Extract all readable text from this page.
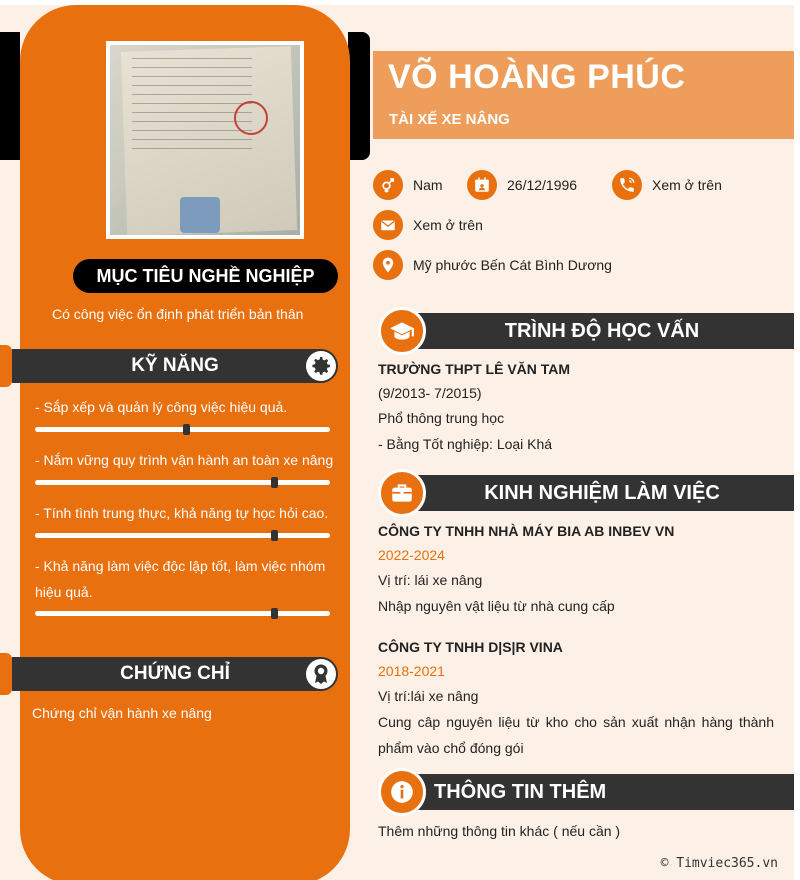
MỤC TIÊU NGHỀ NGHIỆP
Có công việc ổn định phát triển bản thân
KỸ NĂNG
- Sắp xếp và quản lý công việc hiệu quả.
- Nắm vững quy trình vận hành an toàn xe nâng
- Tính tình trung thực, khả năng tự học hỏi cao.
- Khả năng làm việc độc lập tốt, làm việc nhóm hiệu quả.
CHỨNG CHỈ
Chứng chỉ vận hành xe nâng
VÕ HOÀNG PHÚC
TÀI XẾ XE NÂNG
Nam	26/12/1996	Xem ở trên
Xem ở trên
Mỹ phước Bến Cát Bình Dương
TRÌNH ĐỘ HỌC VẤN
TRƯỜNG THPT LÊ VĂN TAM
(9/2013- 7/2015)
Phổ thông trung học
- Bằng Tốt nghiệp: Loại Khá
KINH NGHIỆM LÀM VIỆC
CÔNG TY TNHH NHÀ MÁY BIA AB INBEV VN
2022-2024
Vị trí: lái xe nâng
Nhập nguyên vật liệu từ nhà cung cấp
CÔNG TY TNHH D|S|R VINA
2018-2021
Vị trí:lái xe nâng
Cung câp nguyên liệu từ kho cho sản xuất nhận hàng thành phẩm vào chổ đóng gói
THÔNG TIN THÊM
Thêm những thông tin khác ( nếu cần )
© Timviec365.vn
